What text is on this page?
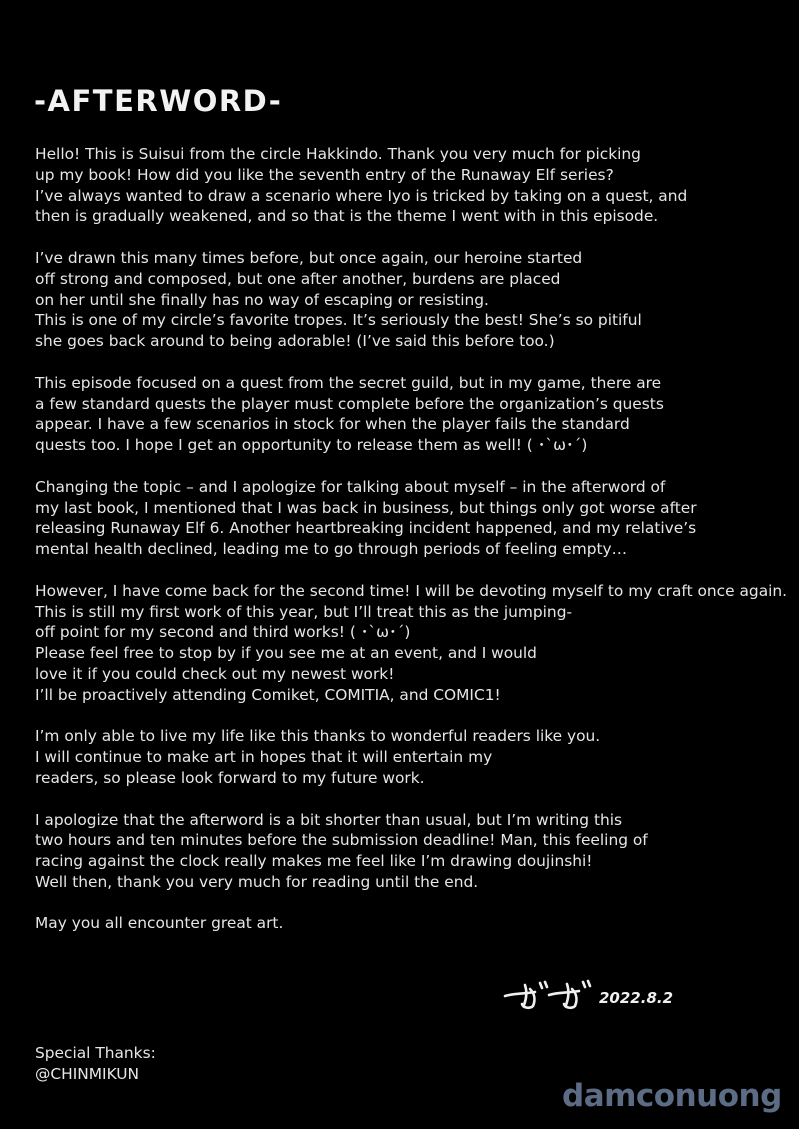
-AFTERWORD-

Hello! This is Suisui from the circle Hakkindo. Thank you very much for picking
up my book! How did you like the seventh entry of the Runaway Elf series?
I’ve always wanted to draw a scenario where Iyo is tricked by taking on a quest, and
then is gradually weakened, and so that is the theme I went with in this episode.

I’ve drawn this many times before, but once again, our heroine started
off strong and composed, but one after another, burdens are placed
on her until she finally has no way of escaping or resisting.
This is one of my circle’s favorite tropes. It’s seriously the best! She’s so pitiful
she goes back around to being adorable! (I’ve said this before too.)

This episode focused on a quest from the secret guild, but in my game, there are
a few standard quests the player must complete before the organization’s quests
appear. I have a few scenarios in stock for when the player fails the standard
quests too. I hope I get an opportunity to release them as well! ( ･`ω･´)

Changing the topic – and I apologize for talking about myself – in the afterword of
my last book, I mentioned that I was back in business, but things only got worse after
releasing Runaway Elf 6. Another heartbreaking incident happened, and my relative’s
mental health declined, leading me to go through periods of feeling empty…

However, I have come back for the second time! I will be devoting myself to my craft once again.
This is still my first work of this year, but I’ll treat this as the jumping-
off point for my second and third works! ( ･`ω･´)
Please feel free to stop by if you see me at an event, and I would
love it if you could check out my newest work!
I’ll be proactively attending Comiket, COMITIA, and COMIC1!

I’m only able to live my life like this thanks to wonderful readers like you.
I will continue to make art in hopes that it will entertain my
readers, so please look forward to my future work.

I apologize that the afterword is a bit shorter than usual, but I’m writing this
two hours and ten minutes before the submission deadline! Man, this feeling of
racing against the clock really makes me feel like I’m drawing doujinshi!
Well then, thank you very much for reading until the end.

May you all encounter great art.

2022.8.2
Special Thanks:
@CHINMIKUN
damconuong
